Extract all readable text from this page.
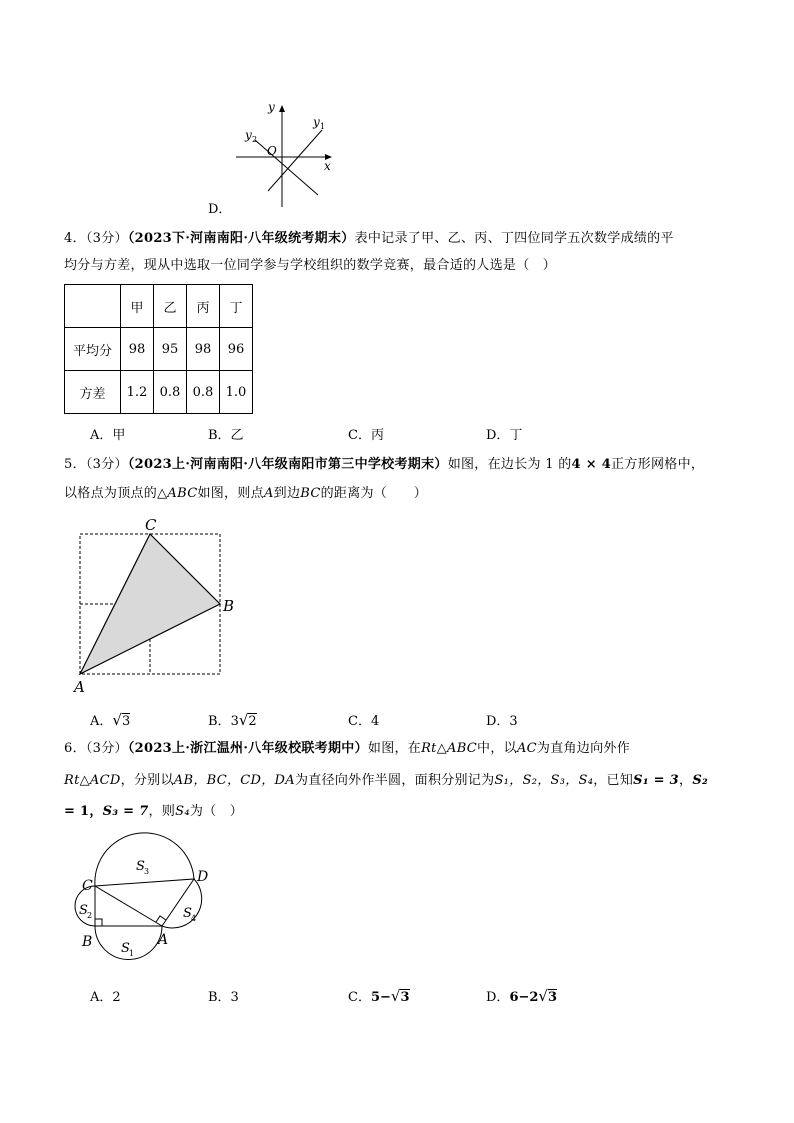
y
y 1
y 2
O
x
D．
4．（3分）（2023下·河南南阳·八年级统考期末）表中记录了甲、乙、丙、丁四位同学五次数学成绩的平
均分与方差，现从中选取一位同学参与学校组织的数学竞赛，最合适的人选是（　）
	甲	乙	丙	丁
平均分	98	95	98	96
方差	1.2	0.8	0.8	1.0
A．甲	B．乙	C．丙	D．丁
5．（3分）（2023上·河南南阳·八年级南阳市第三中学校考期末）如图，在边长为 1 的4 × 4正方形网格中，
以格点为顶点的△ABC如图，则点A到边BC的距离为（　　）
C
B
A
A．√3	B．3√2	C．4	D．3
6．（3分）（2023上·浙江温州·八年级校联考期中）如图，在Rt△ABC中，以AC为直角边向外作
Rt△ACD，分别以AB，BC，CD，DA为直径向外作半圆，面积分别记为S₁，S₂，S₃，S₄，已知S₁ = 3，S₂
= 1，S₃ = 7，则S₄为（　）
C
D
B	A
S 3
S 2
S 1
S 4
A．2	B．3	C．5−√3	D．6−2√3
